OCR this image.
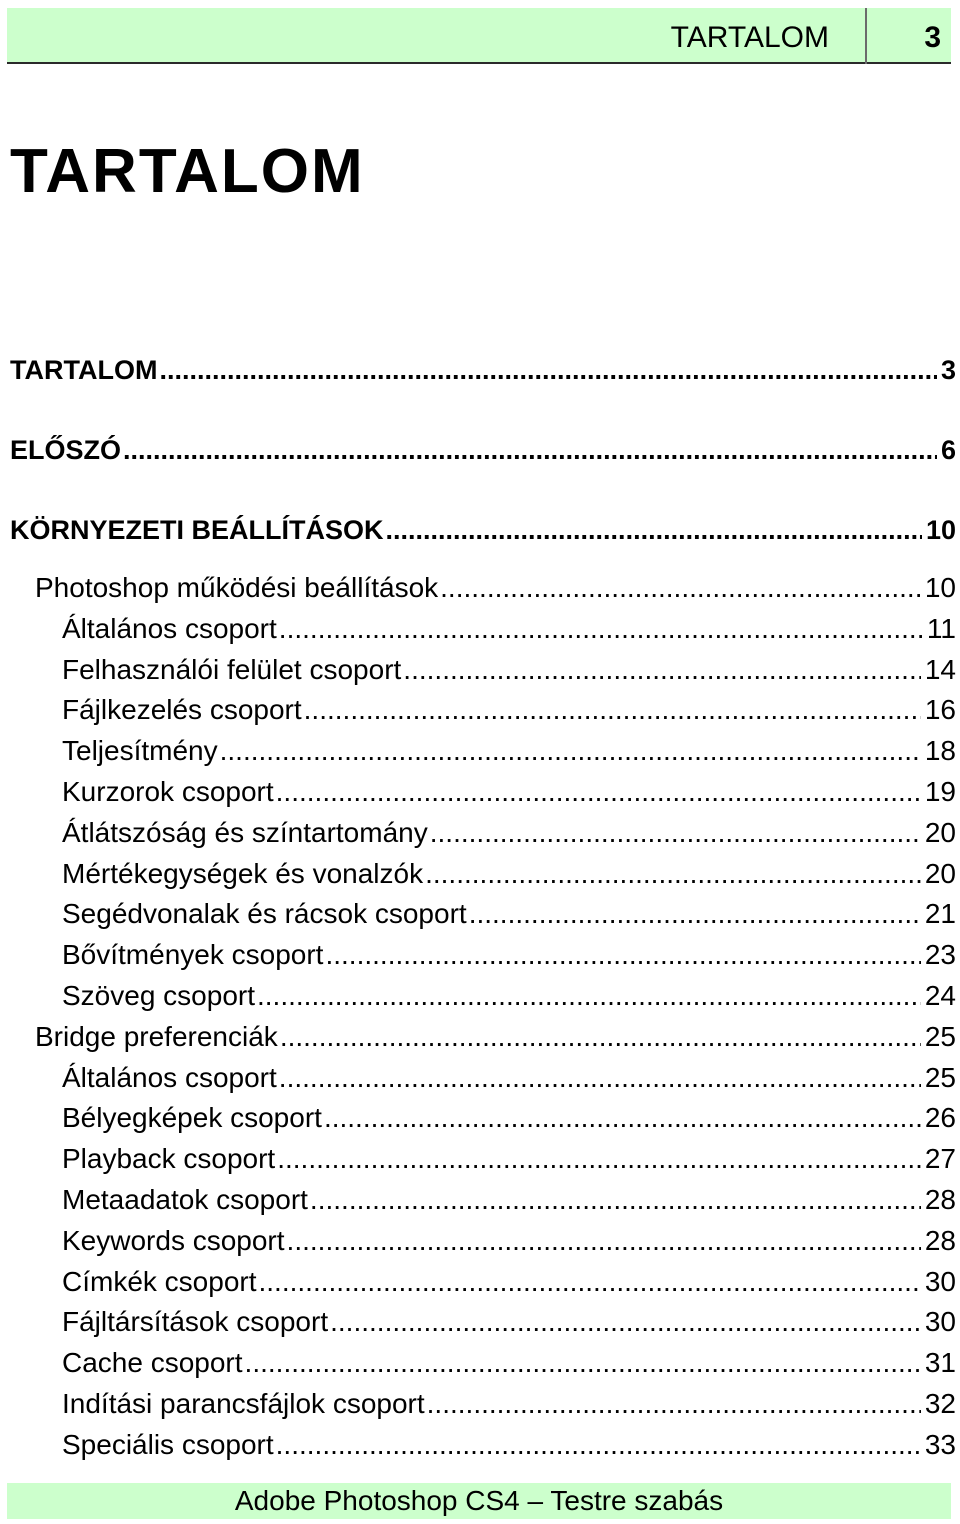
TARTALOM	3
TARTALOM
TARTALOM .....	3
ELŐSZÓ .....	6
KÖRNYEZETI BEÁLLÍTÁSOK .....	10
Photoshop működési beállítások .....	10
Általános csoport .....	11
Felhasználói felület csoport .....	14
Fájlkezelés csoport .....	16
Teljesítmény .....	18
Kurzorok csoport .....	19
Átlátszóság és színtartomány .....	20
Mértékegységek és vonalzók .....	20
Segédvonalak és rácsok csoport .....	21
Bővítmények csoport .....	23
Szöveg csoport .....	24
Bridge preferenciák .....	25
Általános csoport .....	25
Bélyegképek csoport .....	26
Playback csoport .....	27
Metaadatok csoport .....	28
Keywords csoport .....	28
Címkék csoport .....	30
Fájltársítások csoport .....	30
Cache csoport .....	31
Indítási parancsfájlok csoport .....	32
Speciális csoport .....	33
Adobe Photoshop CS4 – Testre szabás
